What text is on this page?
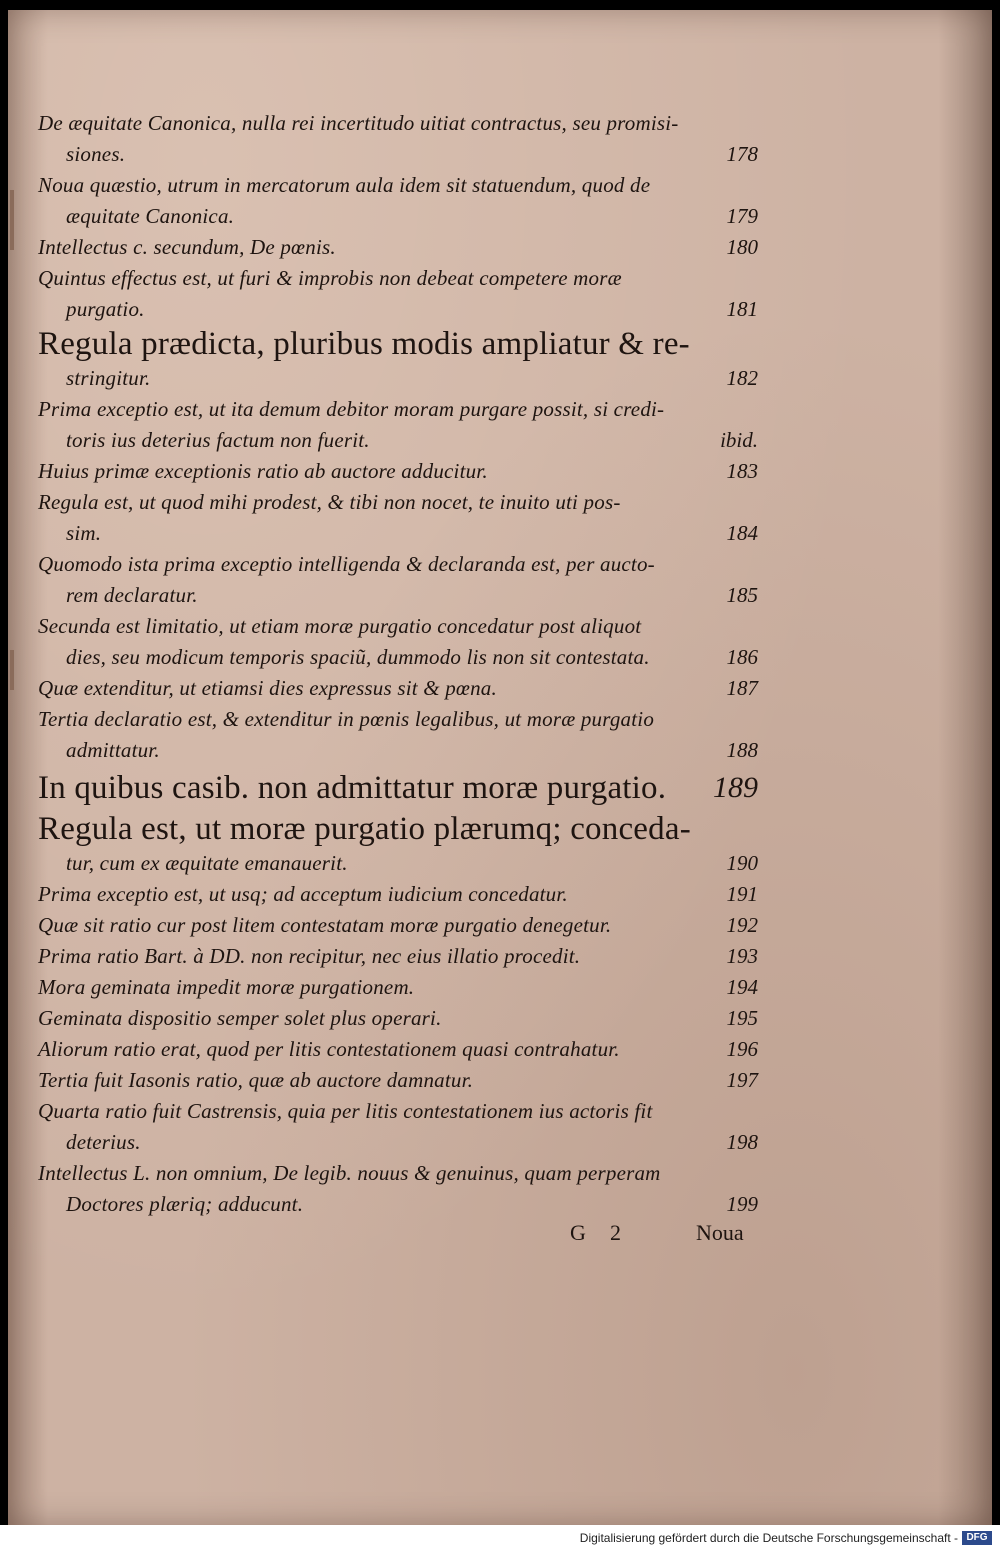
De æquitate Canonica, nulla rei incertitudo uitiat contractus, seu promisi-
siones.	178
Noua quæstio, utrum in mercatorum aula idem sit statuendum, quod de
æquitate Canonica.	179
Intellectus c. secundum, De pœnis.	180
Quintus effectus est, ut furi & improbis non debeat competere moræ
purgatio.	181
Regula prædicta, pluribus modis ampliatur & re-
stringitur.	182
Prima exceptio est, ut ita demum debitor moram purgare possit, si credi-
toris ius deterius factum non fuerit.	ibid.
Huius primæ exceptionis ratio ab auctore adducitur.	183
Regula est, ut quod mihi prodest, & tibi non nocet, te inuito uti pos-
sim.	184
Quomodo ista prima exceptio intelligenda & declaranda est, per aucto-
rem declaratur.	185
Secunda est limitatio, ut etiam moræ purgatio concedatur post aliquot
dies, seu modicum temporis spaciũ, dummodo lis non sit contestata.	186
Quæ extenditur, ut etiamsi dies expressus sit & pœna.	187
Tertia declaratio est, & extenditur in pœnis legalibus, ut moræ purgatio
admittatur.	188
In quibus casib. non admittatur moræ purgatio.	189
Regula est, ut moræ purgatio plærumq; conceda-
tur, cum ex æquitate emanauerit.	190
Prima exceptio est, ut usq; ad acceptum iudicium concedatur.	191
Quæ sit ratio cur post litem contestatam moræ purgatio denegetur.	192
Prima ratio Bart. à DD. non recipitur, nec eius illatio procedit.	193
Mora geminata impedit moræ purgationem.	194
Geminata dispositio semper solet plus operari.	195
Aliorum ratio erat, quod per litis contestationem quasi contrahatur.	196
Tertia fuit Iasonis ratio, quæ ab auctore damnatur.	197
Quarta ratio fuit Castrensis, quia per litis contestationem ius actoris fit
deterius.	198
Intellectus L. non omnium, De legib. nouus & genuinus, quam perperam
Doctores plæriq; adducunt.	199
G 2	Noua
Digitalisierung gefördert durch die Deutsche Forschungsgemeinschaft - DFG
